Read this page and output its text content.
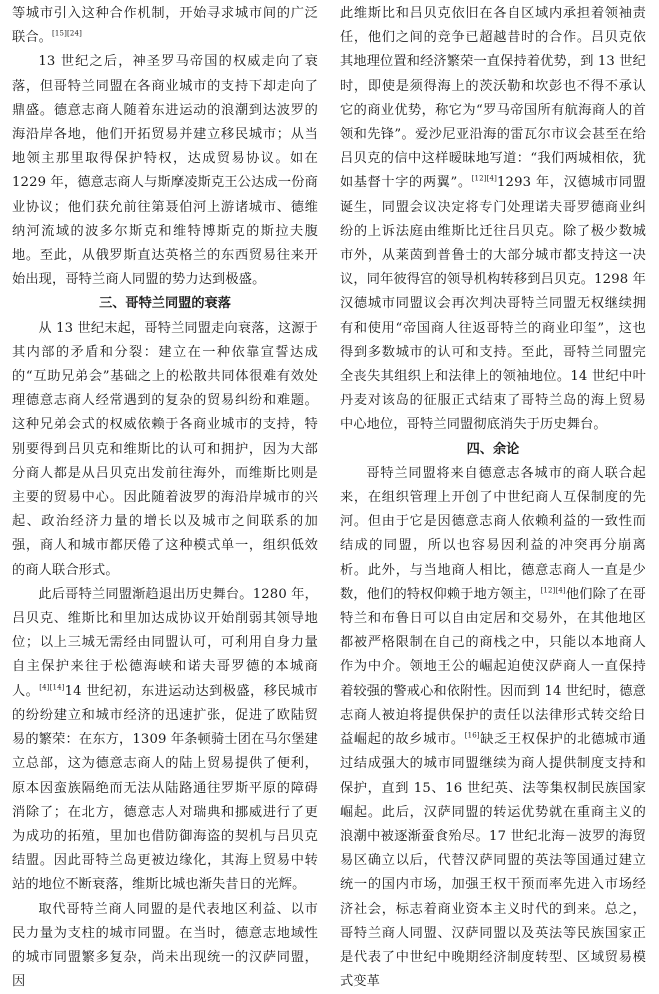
等城市引入这种合作机制，开始寻求城市间的广泛联合。[15][24]

13 世纪之后，神圣罗马帝国的权威走向了衰落，但哥特兰同盟在各商业城市的支持下却走向了鼎盛。德意志商人随着东进运动的浪潮到达波罗的海沿岸各地，他们开拓贸易并建立移民城市；从当地领主那里取得保护特权，达成贸易协议。如在 1229 年，德意志商人与斯摩凌斯克王公达成一份商业协议；他们获允前往第聂伯河上游诸城市、德维纳河流域的波多尔斯克和维特博斯克的斯拉夫腹地。至此，从俄罗斯直达英格兰的东西贸易往来开始出现，哥特兰商人同盟的势力达到极盛。

三、哥特兰同盟的衰落

从 13 世纪末起，哥特兰同盟走向衰落，这源于其内部的矛盾和分裂：建立在一种依靠宣誓达成的“互助兄弟会”基础之上的松散共同体很难有效处理德意志商人经常遇到的复杂的贸易纠纷和难题。这种兄弟会式的权威依赖于各商业城市的支持，特别要得到吕贝克和维斯比的认可和拥护，因为大部分商人都是从吕贝克出发前往海外，而维斯比则是主要的贸易中心。因此随着波罗的海沿岸城市的兴起、政治经济力量的增长以及城市之间联系的加强，商人和城市都厌倦了这种模式单一，组织低效的商人联合形式。

此后哥特兰同盟渐趋退出历史舞台。1280 年，吕贝克、维斯比和里加达成协议开始削弱其领导地位；以上三城无需经由同盟认可，可利用自身力量自主保护来往于松德海峡和诺夫哥罗德的本城商人。[4][14]14 世纪初，东进运动达到极盛，移民城市的纷纷建立和城市经济的迅速扩张，促进了欧陆贸易的繁荣：在东方，1309 年条顿骑士团在马尔堡建立总部，这为德意志商人的陆上贸易提供了便利，原本因蛮族隔绝而无法从陆路通往罗斯平原的障碍消除了；在北方，德意志人对瑞典和挪威进行了更为成功的拓殖，里加也借防御海盗的契机与吕贝克结盟。因此哥特兰岛更被边缘化，其海上贸易中转站的地位不断衰落，维斯比城也渐失昔日的光辉。

取代哥特兰商人同盟的是代表地区利益、以市民力量为支柱的城市同盟。在当时，德意志地域性的城市同盟繁多复杂，尚未出现统一的汉萨同盟，因

此维斯比和吕贝克依旧在各自区域内承担着领袖责任，他们之间的竞争已超越昔时的合作。吕贝克依其地理位置和经济繁荣一直保持着优势，到 13 世纪时，即使是须得海上的茨沃勒和坎彭也不得不承认它的商业优势，称它为“罗马帝国所有航海商人的首领和先锋”。爱沙尼亚沿海的雷瓦尔市议会甚至在给吕贝克的信中这样暧昧地写道：“我们两城相依，犹如基督十字的两翼”。[12][4]1293 年，汉德城市同盟诞生，同盟会议决定将专门处理诺夫哥罗德商业纠纷的上诉法庭由维斯比迁往吕贝克。除了极少数城市外，从莱茵到普鲁士的大部分城市都支持这一决议，同年彼得宫的领导机构转移到吕贝克。1298 年汉德城市同盟议会再次判决哥特兰同盟无权继续拥有和使用“帝国商人往返哥特兰的商业印玺”，这也得到多数城市的认可和支持。至此，哥特兰同盟完全丧失其组织上和法律上的领袖地位。14 世纪中叶丹麦对该岛的征服正式结束了哥特兰岛的海上贸易中心地位，哥特兰同盟彻底消失于历史舞台。

四、余论

哥特兰同盟将来自德意志各城市的商人联合起来，在组织管理上开创了中世纪商人互保制度的先河。但由于它是因德意志商人依赖利益的一致性而结成的同盟，所以也容易因利益的冲突再分崩离析。此外，与当地商人相比，德意志商人一直是少数，他们的特权仰赖于地方领主，[12][4]他们除了在哥特兰和布鲁日可以自由定居和交易外，在其他地区都被严格限制在自己的商栈之中，只能以本地商人作为中介。领地王公的崛起迫使汉萨商人一直保持着较强的警戒心和依附性。因而到 14 世纪时，德意志商人被迫将提供保护的责任以法律形式转交给日益崛起的故乡城市。[16]缺乏王权保护的北德城市通过结成强大的城市同盟继续为商人提供制度支持和保护，直到 15、16 世纪英、法等集权制民族国家崛起。此后，汉萨同盟的转运优势就在重商主义的浪潮中被逐渐蚕食殆尽。17 世纪北海－波罗的海贸易区确立以后，代替汉萨同盟的英法等国通过建立统一的国内市场，加强王权干预而率先进入市场经济社会，标志着商业资本主义时代的到来。总之，哥特兰商人同盟、汉萨同盟以及英法等民族国家正是代表了中世纪中晚期经济制度转型、区域贸易模式变革
